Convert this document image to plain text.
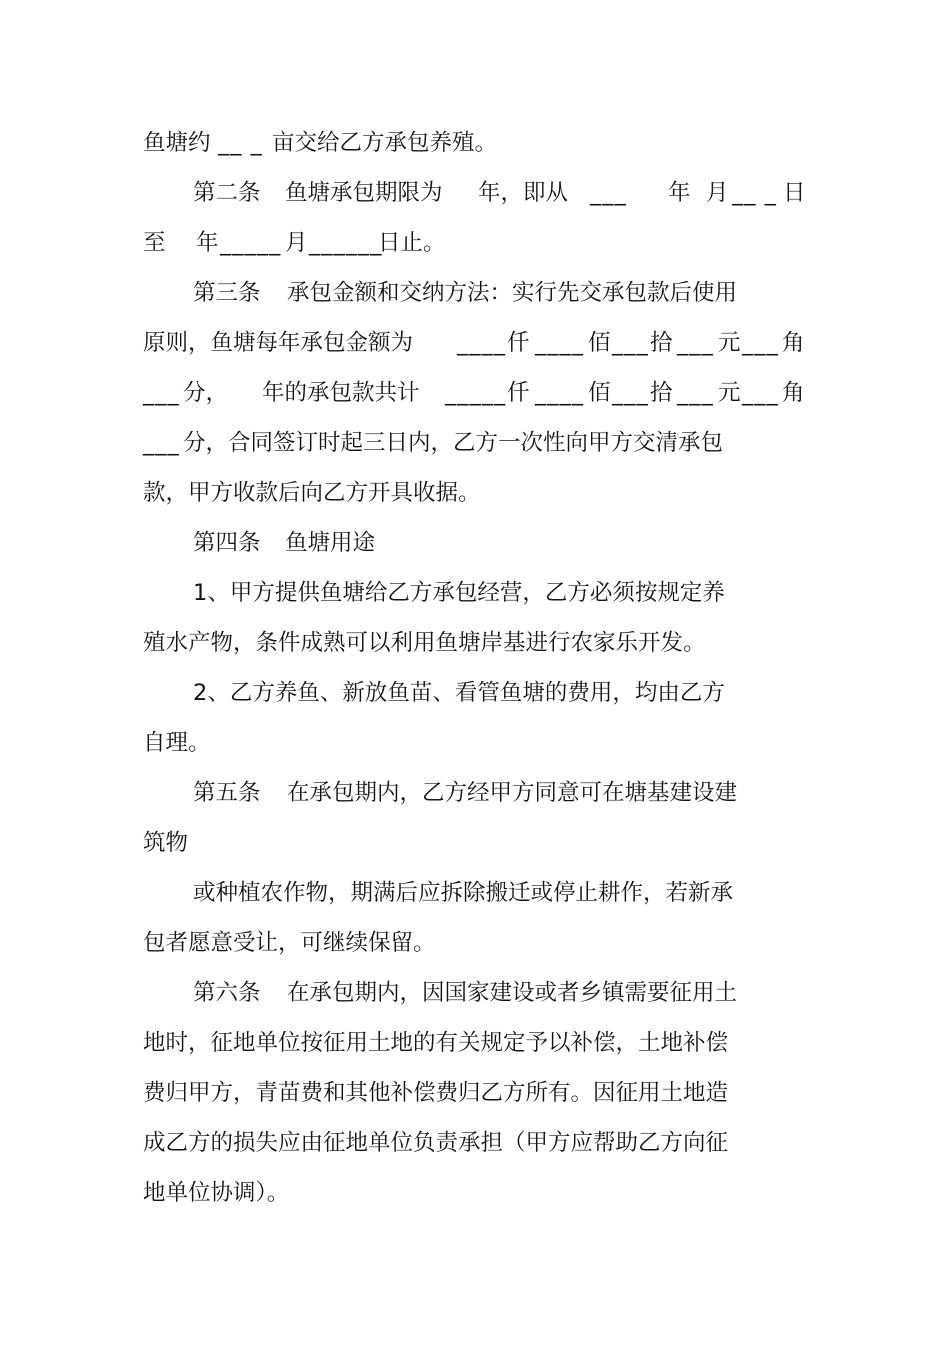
鱼塘约 __ _ 亩交给乙方承包养殖。
第二条 鱼塘承包期限为 年，即从 ___ 年 月 __ _ 日
至 年 _____ 月 ______
日止。
第三条 承包金额和交纳方法：实行先交承包款后使用
原则，鱼塘每年承包金额为 ____ 仟 ____ 佰 ___ 拾 ___ 元 ___ 角
___ 分， 年的承包款共计 _____ 仟 ____ 佰 ___ 拾 ___ 元 ___ 角
___ 分，合同签订时起三日内，乙方一次性向甲方交清承包
款，甲方收款后向乙方开具收据。
第四条 鱼塘用途
1、甲方提供鱼塘给乙方承包经营，乙方必须按规定养
殖水产物，条件成熟可以利用鱼塘岸基进行农家乐开发。
2、乙方养鱼、新放鱼苗、看管鱼塘的费用，均由乙方
自理。
第五条 在承包期内，乙方经甲方同意可在塘基建设建
筑物
或种植农作物，期满后应拆除搬迁或停止耕作，若新承
包者愿意受让，可继续保留。
第六条 在承包期内，因国家建设或者乡镇需要征用土
地时，征地单位按征用土地的有关规定予以补偿，土地补偿
费归甲方，青苗费和其他补偿费归乙方所有。因征用土地造
成乙方的损失应由征地单位负责承担（甲方应帮助乙方向征
地单位协调）。
